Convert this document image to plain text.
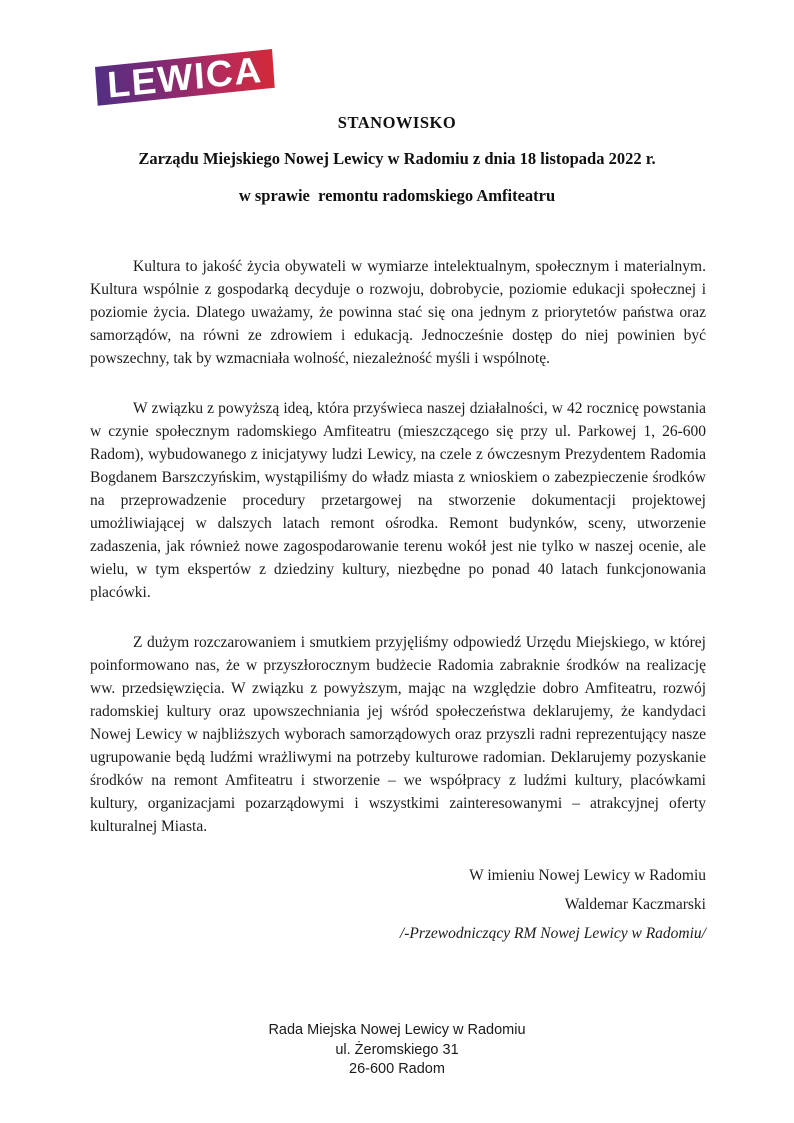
LEWICA
STANOWISKO
Zarządu Miejskiego Nowej Lewicy w Radomiu z dnia 18 listopada 2022 r.
w sprawie  remontu radomskiego Amfiteatru

Kultura to jakość życia obywateli w wymiarze intelektualnym, społecznym i materialnym. Kultura wspólnie z gospodarką decyduje o rozwoju, dobrobycie, poziomie edukacji społecznej i poziomie życia. Dlatego uważamy, że powinna stać się ona jednym z priorytetów państwa oraz samorządów, na równi ze zdrowiem i edukacją. Jednocześnie dostęp do niej powinien być powszechny, tak by wzmacniała wolność, niezależność myśli i wspólnotę.

W związku z powyższą ideą, która przyświeca naszej działalności, w 42 rocznicę powstania w czynie społecznym radomskiego Amfiteatru (mieszczącego się przy ul. Parkowej 1, 26-600 Radom), wybudowanego z inicjatywy ludzi Lewicy, na czele z ówczesnym Prezydentem Radomia Bogdanem Barszczyńskim, wystąpiliśmy do władz miasta z wnioskiem o zabezpieczenie środków na przeprowadzenie procedury przetargowej na stworzenie dokumentacji projektowej umożliwiającej w dalszych latach remont ośrodka. Remont budynków, sceny, utworzenie zadaszenia, jak również nowe zagospodarowanie terenu wokół jest nie tylko w naszej ocenie, ale wielu, w tym ekspertów z dziedziny kultury, niezbędne po ponad 40 latach funkcjonowania placówki.

Z dużym rozczarowaniem i smutkiem przyjęliśmy odpowiedź Urzędu Miejskiego, w której poinformowano nas, że w przyszłorocznym budżecie Radomia zabraknie środków na realizację ww. przedsięwzięcia. W związku z powyższym, mając na względzie dobro Amfiteatru, rozwój radomskiej kultury oraz upowszechniania jej wśród społeczeństwa deklarujemy, że kandydaci Nowej Lewicy w najbliższych wyborach samorządowych oraz przyszli radni reprezentujący nasze ugrupowanie będą ludźmi wrażliwymi na potrzeby kulturowe radomian. Deklarujemy pozyskanie środków na remont Amfiteatru i stworzenie – we współpracy z ludźmi kultury, placówkami kultury, organizacjami pozarządowymi i wszystkimi zainteresowanymi – atrakcyjnej oferty kulturalnej Miasta.

W imieniu Nowej Lewicy w Radomiu
Waldemar Kaczmarski
/-Przewodniczący RM Nowej Lewicy w Radomiu/
Rada Miejska Nowej Lewicy w Radomiu
ul. Żeromskiego 31
26-600 Radom
